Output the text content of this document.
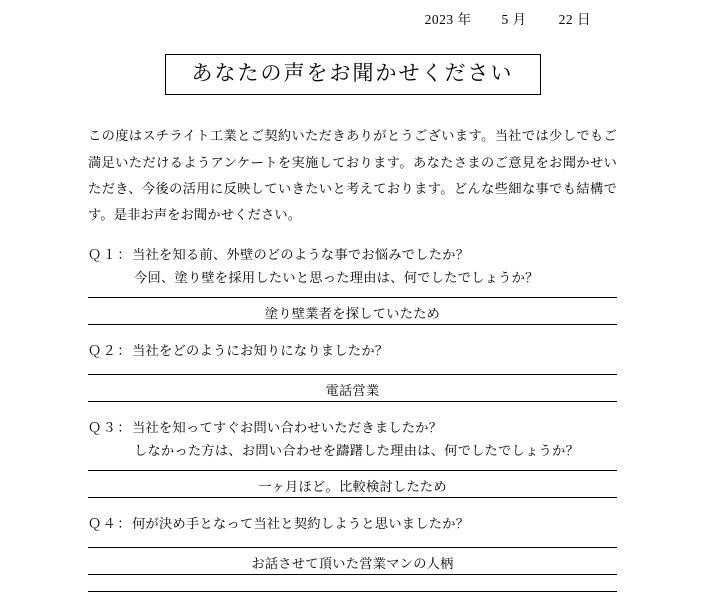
2023 年 5 月 22 日
あなたの声をお聞かせください
この度はスチライト工業とご契約いただきありがとうございます。当社では少しでもご満足いただけるようアンケートを実施しております。あなたさまのご意見をお聞かせいただき、今後の活用に反映していきたいと考えております。どんな些細な事でも結構です。是非お声をお聞かせください。
Ｑ１：当社を知る前、外壁のどのような事でお悩みでしたか？
今回、塗り壁を採用したいと思った理由は、何でしたでしょうか？
塗り壁業者を探していたため
Ｑ２：当社をどのようにお知りになりましたか？
電話営業
Ｑ３：当社を知ってすぐお問い合わせいただきましたか？
しなかった方は、お問い合わせを躊躇した理由は、何でしたでしょうか？
一ヶ月ほど。比較検討したため
Ｑ４：何が決め手となって当社と契約しようと思いましたか？
お話させて頂いた営業マンの人柄
